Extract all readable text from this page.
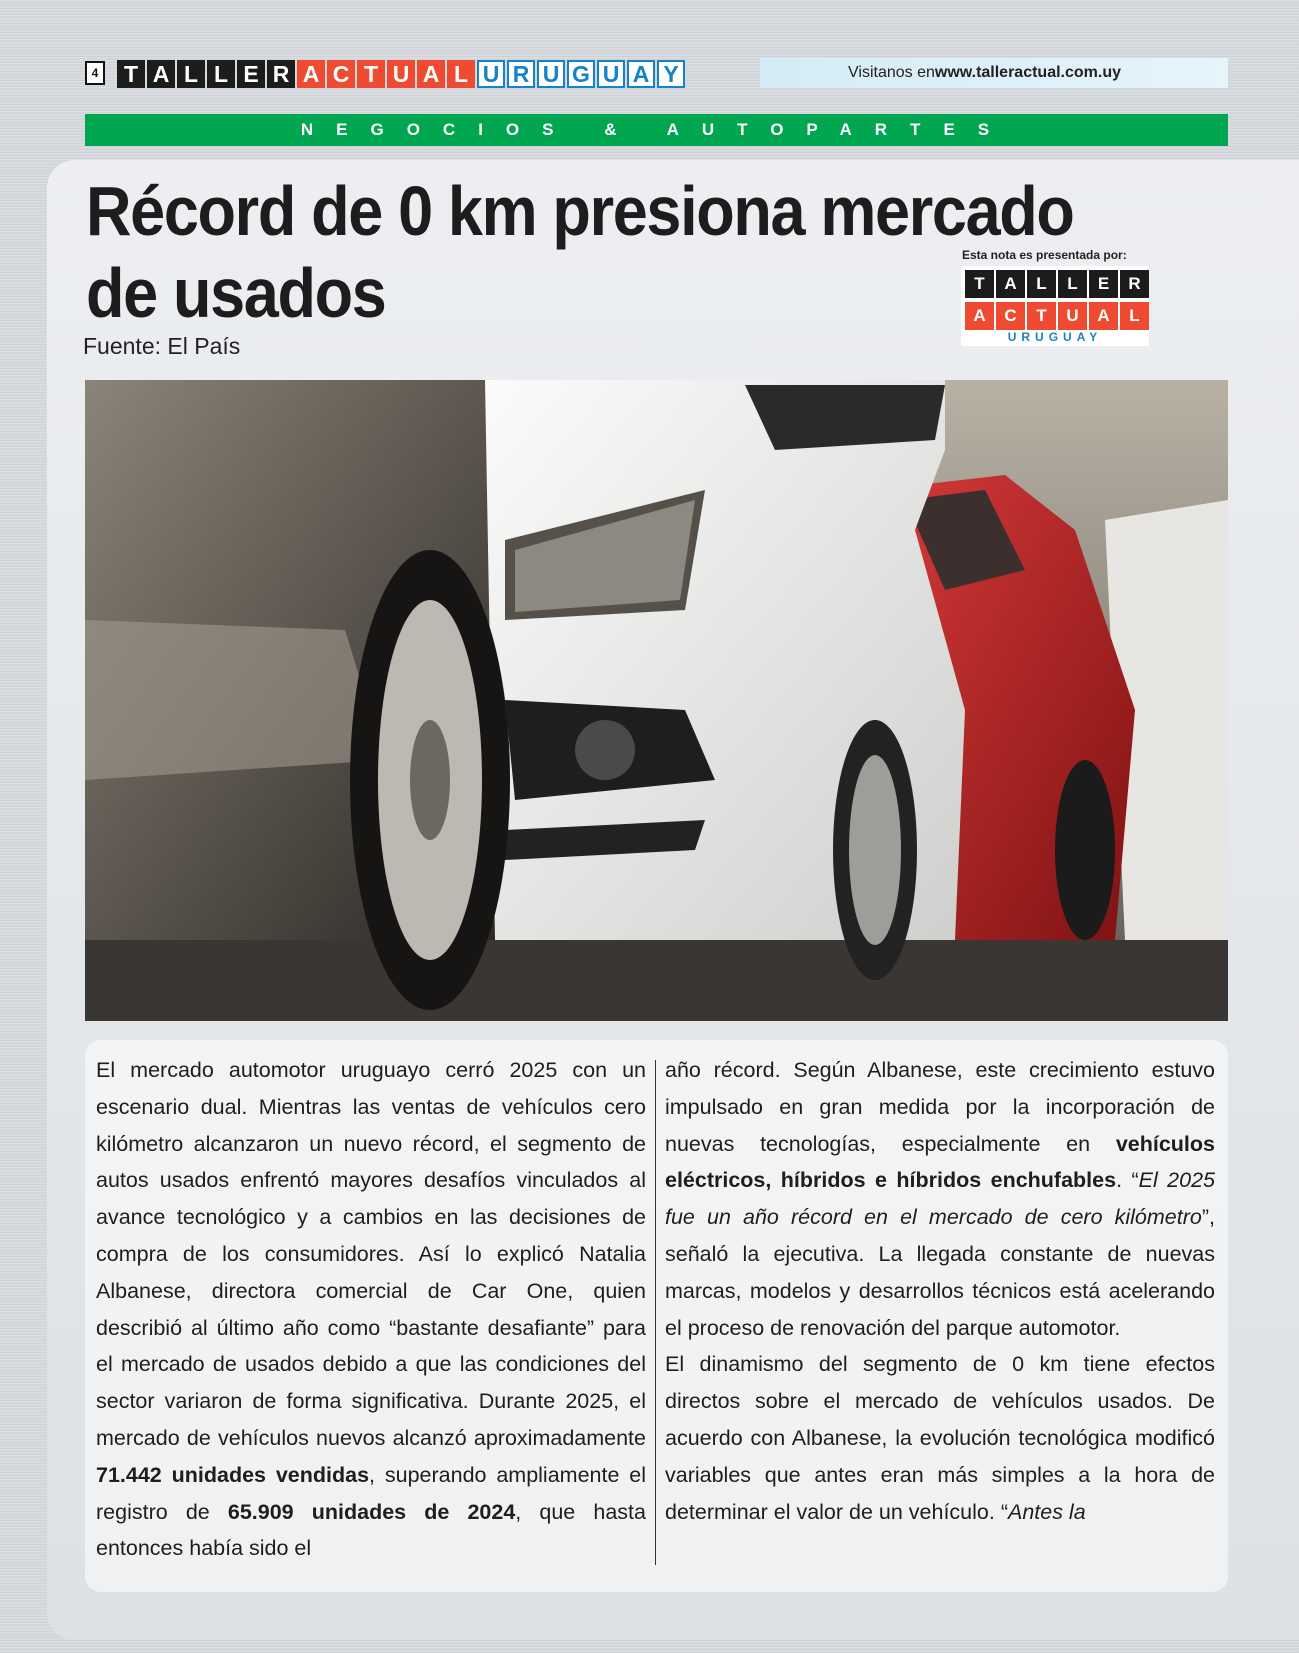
4	T A L L E R A C T U A L U R U G U A Y	Visitanos en www.talleractual.com.uy
NEGOCIOS & AUTOPARTES
Récord de 0 km presiona mercado de usados
Fuente: El País
Esta nota es presentada por:
T	A	L	L	E	R
A	C	T	U	A	L
URUGUAY

El mercado automotor uruguayo cerró 2025 con un escenario dual. Mientras las ventas de vehículos cero kilómetro alcanzaron un nuevo récord, el segmento de autos usados enfrentó mayores desafíos vinculados al avance tecnológico y a cambios en las decisiones de compra de los consumidores. Así lo explicó Natalia Albanese, directora comercial de Car One, quien describió al último año como “bastante desafiante” para el mercado de usados debido a que las condiciones del sector variaron de forma significativa. Durante 2025, el mercado de vehículos nuevos alcanzó aproximadamente 71.442 unidades vendidas, superando ampliamente el registro de 65.909 unidades de 2024, que hasta entonces había sido el

año récord. Según Albanese, este crecimiento estuvo impulsado en gran medida por la incorporación de nuevas tecnologías, especialmente en vehículos eléctricos, híbridos e híbridos enchufables. “El 2025 fue un año récord en el mercado de cero kilómetro”, señaló la ejecutiva. La llegada constante de nuevas marcas, modelos y desarrollos técnicos está acelerando el proceso de renovación del parque automotor.

El dinamismo del segmento de 0 km tiene efectos directos sobre el mercado de vehículos usados. De acuerdo con Albanese, la evolución tecnológica modificó variables que antes eran más simples a la hora de determinar el valor de un vehículo. “Antes la
